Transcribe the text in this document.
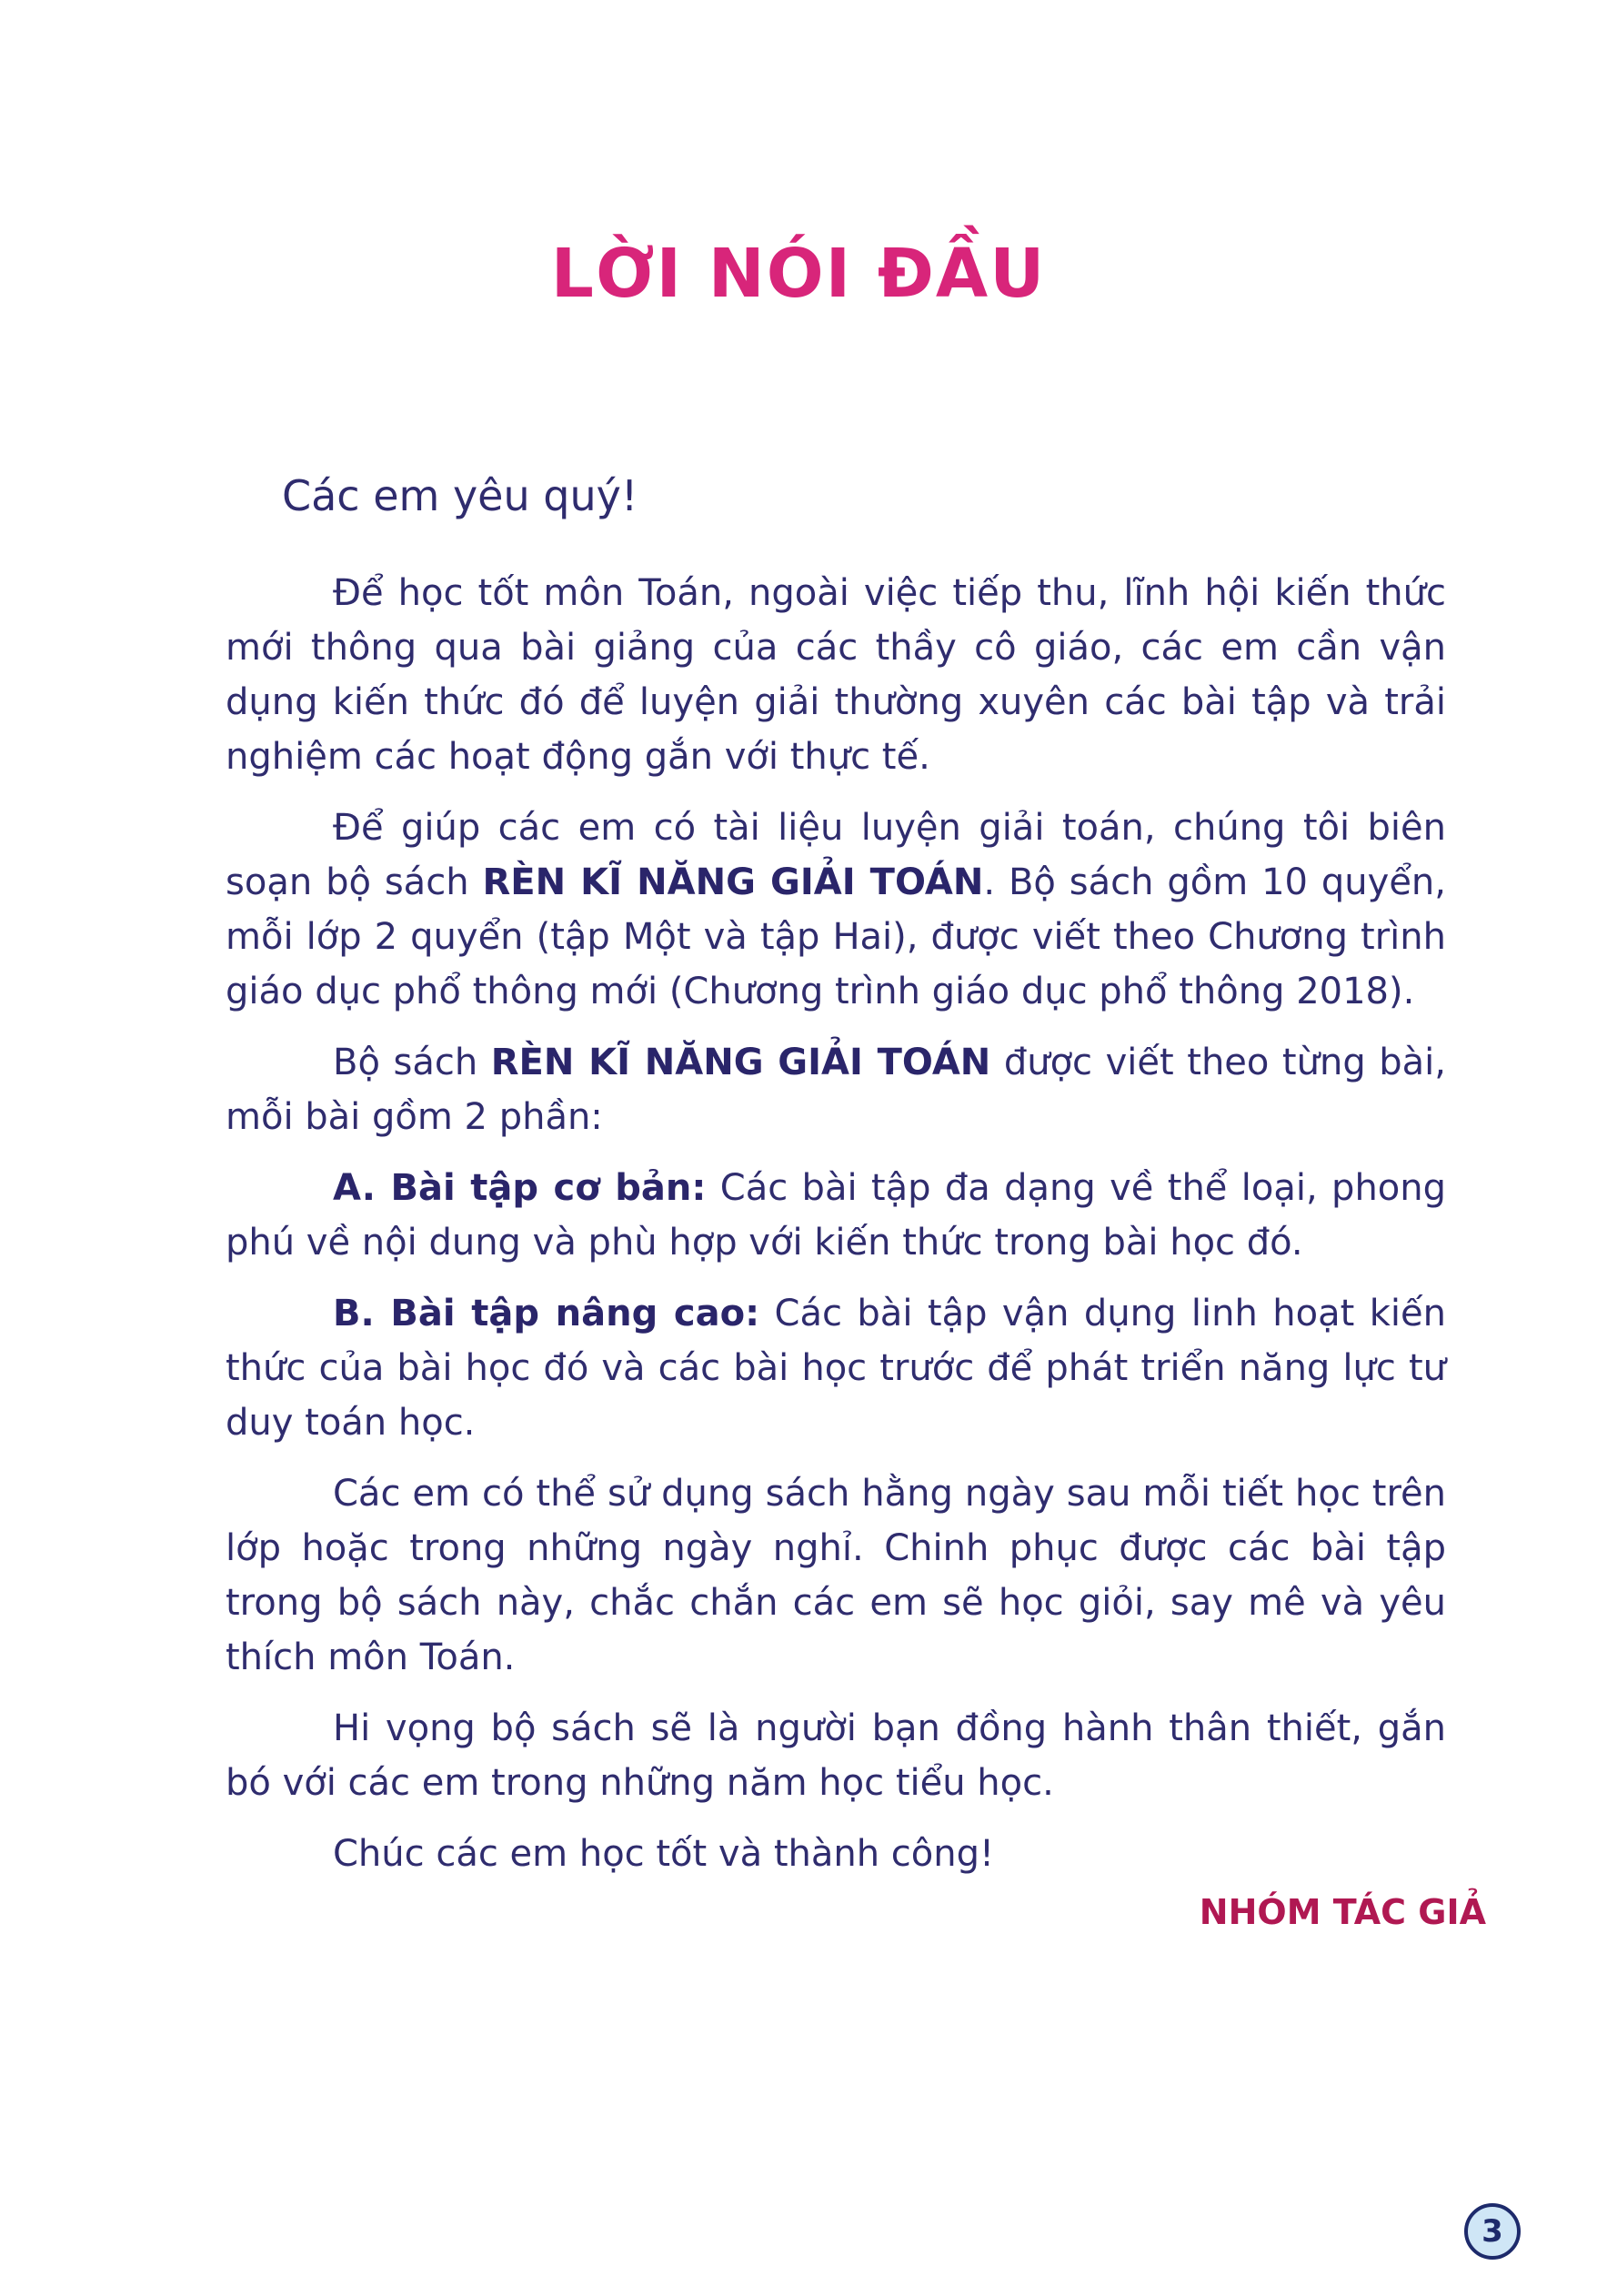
LỜI NÓI ĐẦU

Các em yêu quý!

Để học tốt môn Toán, ngoài việc tiếp thu, lĩnh hội kiến thức mới thông qua bài giảng của các thầy cô giáo, các em cần vận dụng kiến thức đó để luyện giải thường xuyên các bài tập và trải nghiệm các hoạt động gắn với thực tế.

Để giúp các em có tài liệu luyện giải toán, chúng tôi biên soạn bộ sách RÈN KĨ NĂNG GIẢI TOÁN. Bộ sách gồm 10 quyển, mỗi lớp 2 quyển (tập Một và tập Hai), được viết theo Chương trình giáo dục phổ thông mới (Chương trình giáo dục phổ thông 2018).

Bộ sách RÈN KĨ NĂNG GIẢI TOÁN được viết theo từng bài, mỗi bài gồm 2 phần:

A. Bài tập cơ bản: Các bài tập đa dạng về thể loại, phong phú về nội dung và phù hợp với kiến thức trong bài học đó.

B. Bài tập nâng cao: Các bài tập vận dụng linh hoạt kiến thức của bài học đó và các bài học trước để phát triển năng lực tư duy toán học.

Các em có thể sử dụng sách hằng ngày sau mỗi tiết học trên lớp hoặc trong những ngày nghỉ. Chinh phục được các bài tập trong bộ sách này, chắc chắn các em sẽ học giỏi, say mê và yêu thích môn Toán.

Hi vọng bộ sách sẽ là người bạn đồng hành thân thiết, gắn bó với các em trong những năm học tiểu học.

Chúc các em học tốt và thành công!

NHÓM TÁC GIẢ

3
